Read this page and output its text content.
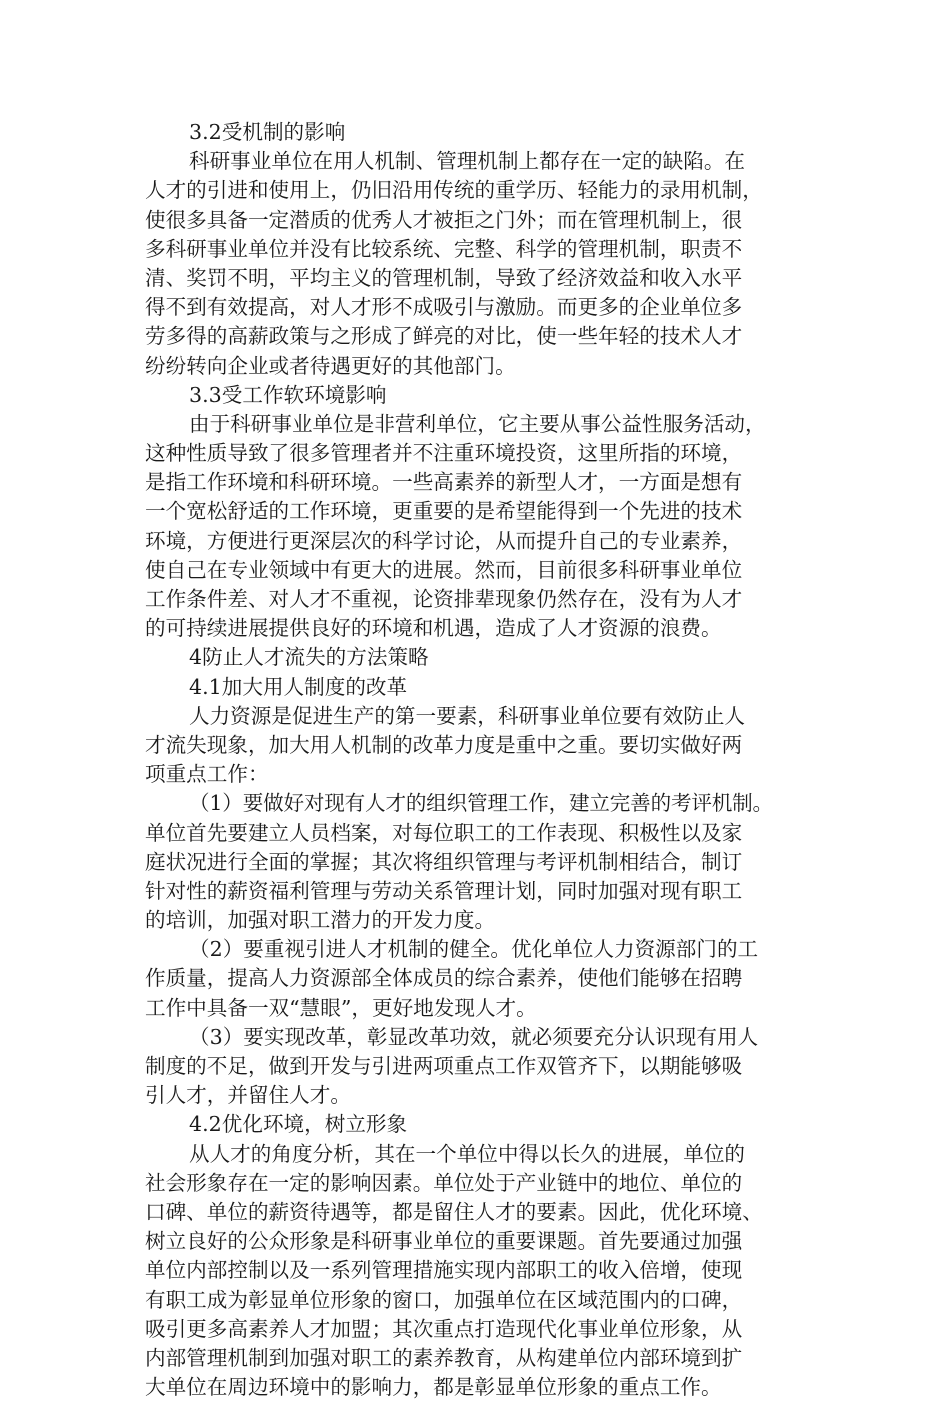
3.2受机制的影响
科研事业单位在用人机制、管理机制上都存在一定的缺陷。在
人才的引进和使用上，仍旧沿用传统的重学历、轻能力的录用机制，
使很多具备一定潜质的优秀人才被拒之门外；而在管理机制上，很
多科研事业单位并没有比较系统、完整、科学的管理机制，职责不
清、奖罚不明，平均主义的管理机制，导致了经济效益和收入水平
得不到有效提高，对人才形不成吸引与激励。而更多的企业单位多
劳多得的高薪政策与之形成了鲜亮的对比，使一些年轻的技术人才
纷纷转向企业或者待遇更好的其他部门。
3.3受工作软环境影响
由于科研事业单位是非营利单位，它主要从事公益性服务活动，
这种性质导致了很多管理者并不注重环境投资，这里所指的环境，
是指工作环境和科研环境。一些高素养的新型人才，一方面是想有
一个宽松舒适的工作环境，更重要的是希望能得到一个先进的技术
环境，方便进行更深层次的科学讨论，从而提升自己的专业素养，
使自己在专业领域中有更大的进展。然而，目前很多科研事业单位
工作条件差、对人才不重视，论资排辈现象仍然存在，没有为人才
的可持续进展提供良好的环境和机遇，造成了人才资源的浪费。
4防止人才流失的方法策略
4.1加大用人制度的改革
人力资源是促进生产的第一要素，科研事业单位要有效防止人
才流失现象，加大用人机制的改革力度是重中之重。要切实做好两
项重点工作：
（1）要做好对现有人才的组织管理工作，建立完善的考评机制。
单位首先要建立人员档案，对每位职工的工作表现、积极性以及家
庭状况进行全面的掌握；其次将组织管理与考评机制相结合，制订
针对性的薪资福利管理与劳动关系管理计划，同时加强对现有职工
的培训，加强对职工潜力的开发力度。
（2）要重视引进人才机制的健全。优化单位人力资源部门的工
作质量，提高人力资源部全体成员的综合素养，使他们能够在招聘
工作中具备一双“慧眼”，更好地发现人才。
（3）要实现改革，彰显改革功效，就必须要充分认识现有用人
制度的不足，做到开发与引进两项重点工作双管齐下，以期能够吸
引人才，并留住人才。
4.2优化环境，树立形象
从人才的角度分析，其在一个单位中得以长久的进展，单位的
社会形象存在一定的影响因素。单位处于产业链中的地位、单位的
口碑、单位的薪资待遇等，都是留住人才的要素。因此，优化环境、
树立良好的公众形象是科研事业单位的重要课题。首先要通过加强
单位内部控制以及一系列管理措施实现内部职工的收入倍增，使现
有职工成为彰显单位形象的窗口，加强单位在区域范围内的口碑，
吸引更多高素养人才加盟；其次重点打造现代化事业单位形象，从
内部管理机制到加强对职工的素养教育，从构建单位内部环境到扩
大单位在周边环境中的影响力，都是彰显单位形象的重点工作。
